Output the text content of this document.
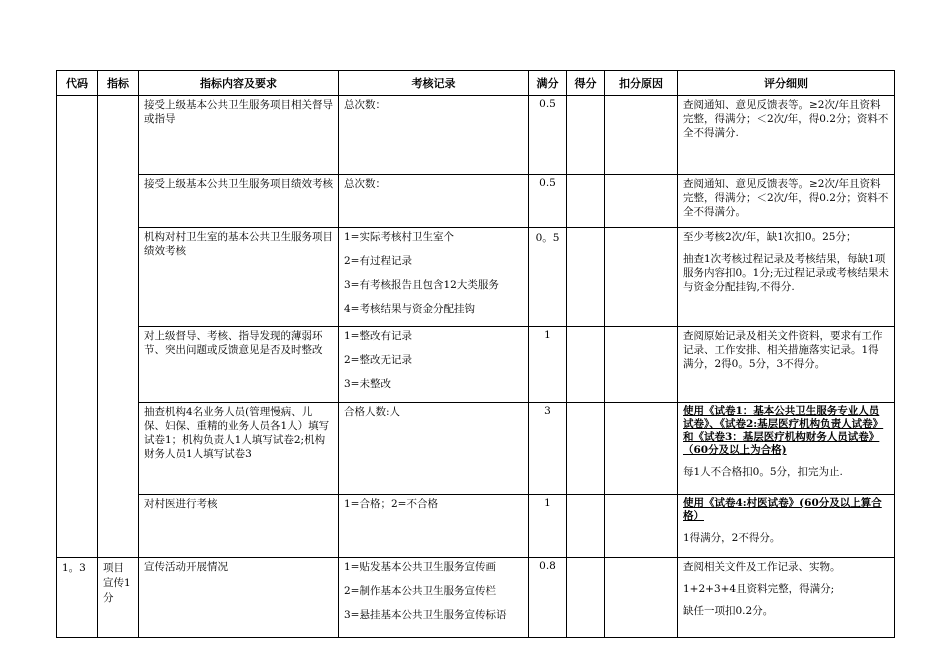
代码	指标	指标内容及要求	考核记录	满分	得分	扣分原因	评分细则

		接受上级基本公共卫生服务项目相关督导或指导	总次数：	0.5			查阅通知、意见反馈表等。≥2次/年且资料完整，得满分；＜2次/年，得0.2分；资料不全不得满分.

		接受上级基本公共卫生服务项目绩效考核	总次数：	0.5			查阅通知、意见反馈表等。≥2次/年且资料完整，得满分；＜2次/年，得0.2分；资料不全不得满分。

		机构对村卫生室的基本公共卫生服务项目绩效考核	1=实际考核村卫生室个
2=有过程记录
3=有考核报告且包含12大类服务
4=考核结果与资金分配挂钩	0。5			至少考核2次/年，缺1次扣0。25分；
抽查1次考核过程记录及考核结果，每缺1项服务内容扣0。1分;无过程记录或考核结果未与资金分配挂钩,不得分.

		对上级督导、考核、指导发现的薄弱环节、突出问题或反馈意见是否及时整改	1=整改有记录
2=整改无记录
3=未整改	1			查阅原始记录及相关文件资料，要求有工作记录、工作安排、相关措施落实记录。1得满分，2得0。5分，3不得分。

		抽查机构4名业务人员(管理慢病、儿保、妇保、重精的业务人员各1人）填写试卷1；机构负责人1人填写试卷2;机构财务人员1人填写试卷3	合格人数:人	3			使用《试卷1：基本公共卫生服务专业人员试卷》、《试卷2:基层医疗机构负责人试卷》和《试卷3：基层医疗机构财务人员试卷》（60分及以上为合格)
每1人不合格扣0。5分，扣完为止.

		对村医进行考核	1=合格；2=不合格	1			使用《试卷4:村医试卷》(60分及以上算合格）
1得满分，2不得分。

1。3	项目宣传1分	宣传活动开展情况	1=贴发基本公共卫生服务宣传画
2=制作基本公共卫生服务宣传栏
3=悬挂基本公共卫生服务宣传标语	0.8			查阅相关文件及工作记录、实物。
1+2+3+4且资料完整，得满分;
缺任一项扣0.2分。
